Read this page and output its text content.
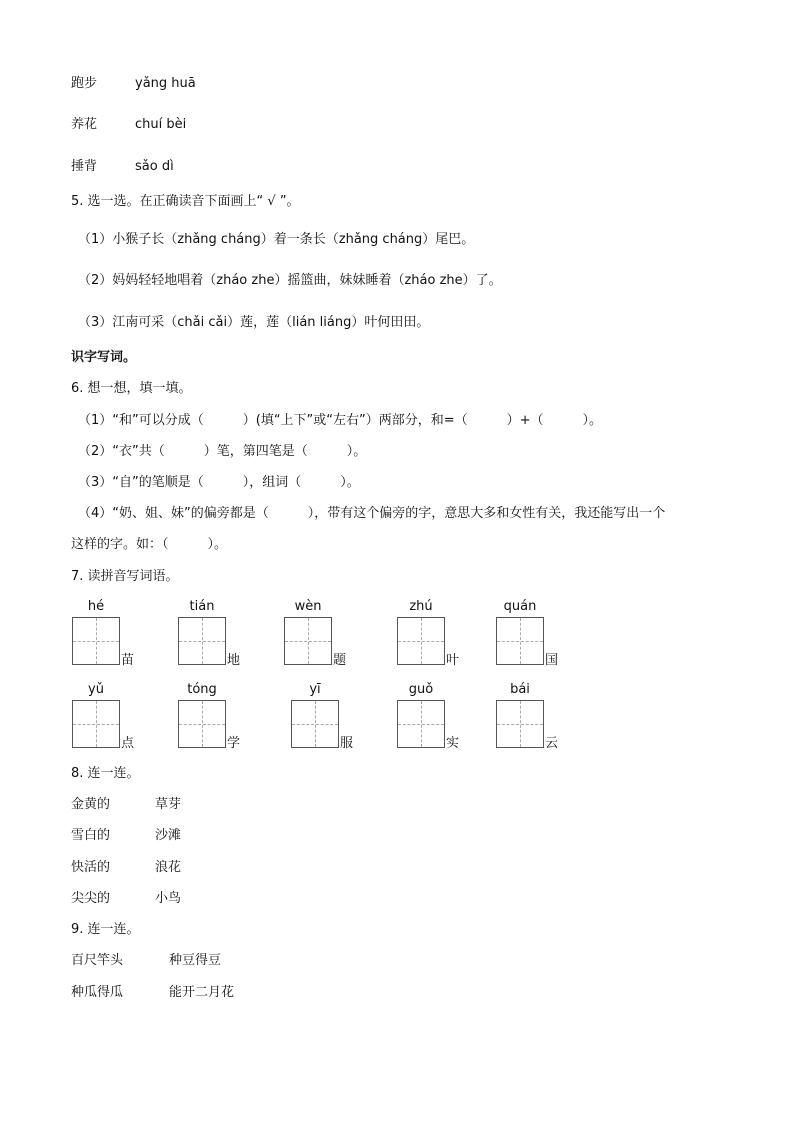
跑步	yǎng huā
养花	chuí bèi
捶背	sǎo dì
5. 选一选。在正确读音下面画上“ √ ”。
（1）小猴子长（zhǎng cháng）着一条长（zhǎng cháng）尾巴。
（2）妈妈轻轻地唱着（zháo zhe）摇篮曲，妹妹睡着（zháo zhe）了。
（3）江南可采（chǎi cǎi）莲，莲（lián liáng）叶何田田。
识字写词。
6. 想一想，填一填。
（1）“和”可以分成（　　　）(填“上下”或“左右”）两部分，和=（　　　）+（　　　）。
（2）“衣”共（　　　）笔，第四笔是（　　　）。
（3）“自”的笔顺是（　　　），组词（　　　）。
（4）“奶、姐、妹”的偏旁都是（　　　），带有这个偏旁的字，意思大多和女性有关，我还能写出一个
这样的字。如：（　　　）。
7. 读拼音写词语。
hé
苗
tián
地
wèn
题
zhú
叶
quán
国
yǔ
点
tóng
学
yī
服
guǒ
实
bái
云
8. 连一连。
金黄的	草芽
雪白的	沙滩
快活的	浪花
尖尖的	小鸟
9. 连一连。
百尺竿头	种豆得豆
种瓜得瓜	能开二月花
